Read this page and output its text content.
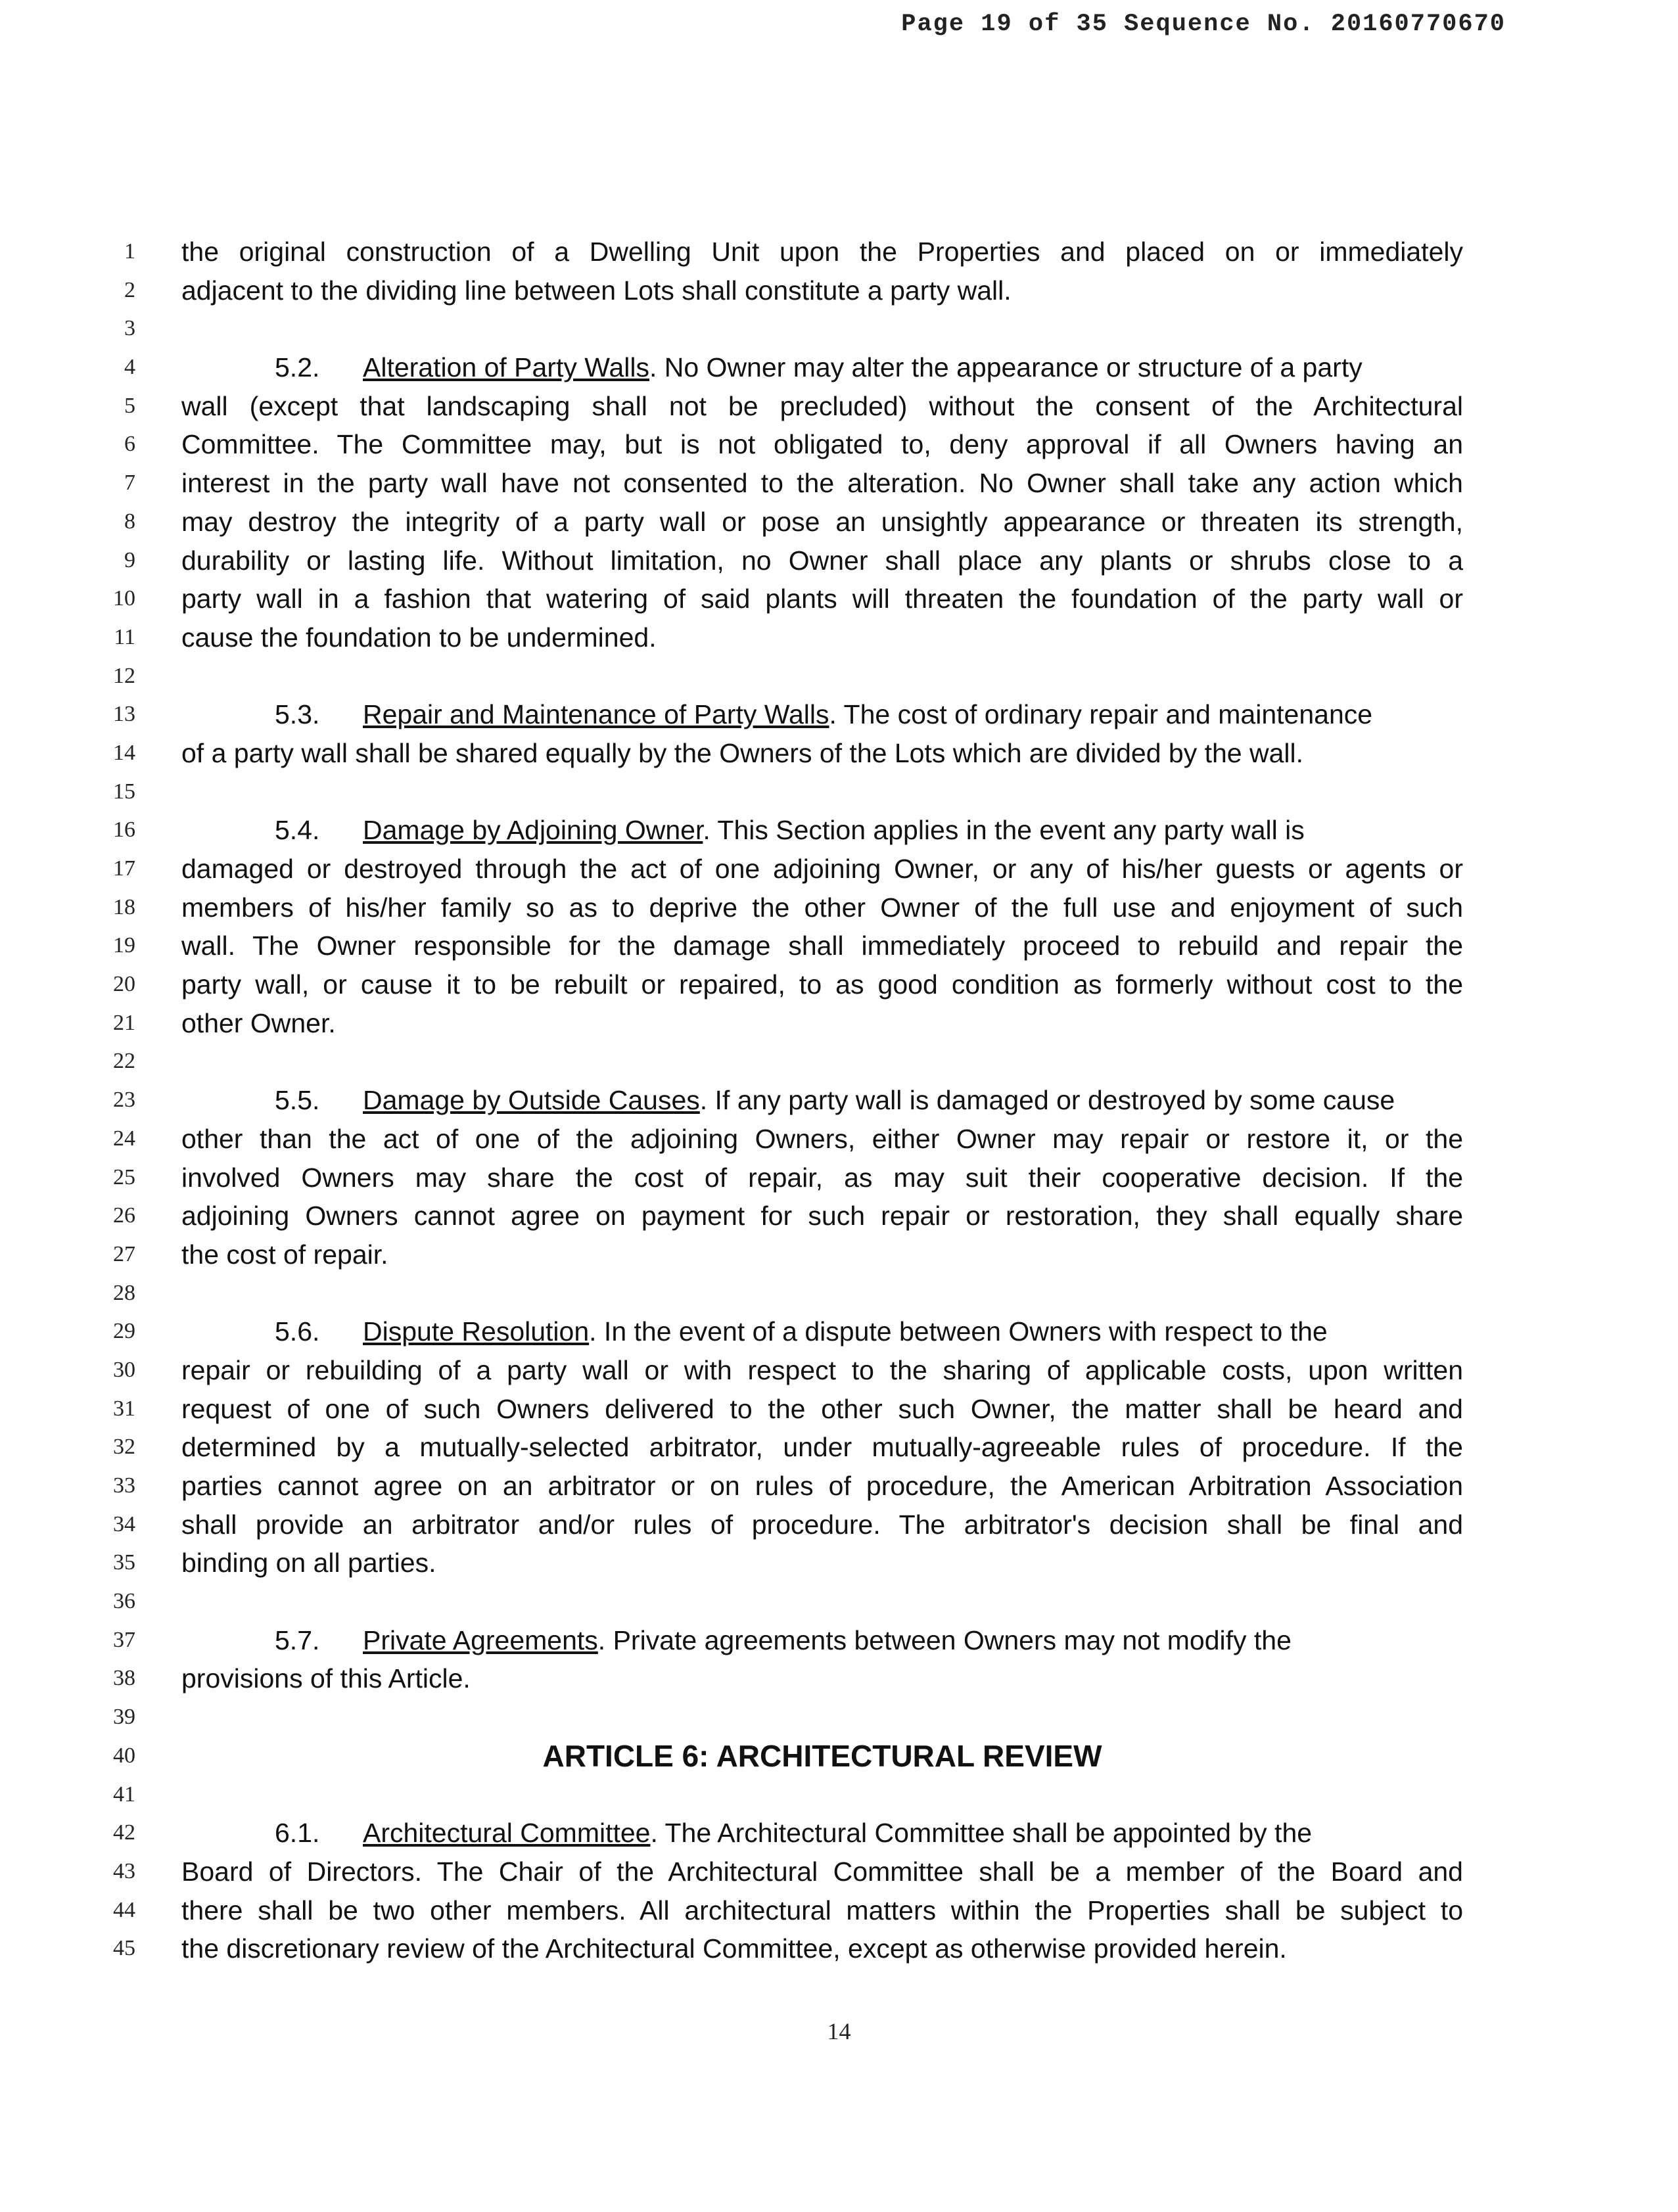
Page 19 of 35 Sequence No. 20160770670
1
2
3
4
5
6
7
8
9
10
11
12
13
14
15
16
17
18
19
20
21
22
23
24
25
26
27
28
29
30
31
32
33
34
35
36
37
38
39
40
41
42
43
44
45
the original construction of a Dwelling Unit upon the Properties and placed on or immediately
adjacent to the dividing line between Lots shall constitute a party wall.
5.2. Alteration of Party Walls. No Owner may alter the appearance or structure of a party
wall (except that landscaping shall not be precluded) without the consent of the Architectural
Committee. The Committee may, but is not obligated to, deny approval if all Owners having an
interest in the party wall have not consented to the alteration. No Owner shall take any action which
may destroy the integrity of a party wall or pose an unsightly appearance or threaten its strength,
durability or lasting life. Without limitation, no Owner shall place any plants or shrubs close to a
party wall in a fashion that watering of said plants will threaten the foundation of the party wall or
cause the foundation to be undermined.
5.3. Repair and Maintenance of Party Walls. The cost of ordinary repair and maintenance
of a party wall shall be shared equally by the Owners of the Lots which are divided by the wall.
5.4. Damage by Adjoining Owner. This Section applies in the event any party wall is
damaged or destroyed through the act of one adjoining Owner, or any of his/her guests or agents or
members of his/her family so as to deprive the other Owner of the full use and enjoyment of such
wall. The Owner responsible for the damage shall immediately proceed to rebuild and repair the
party wall, or cause it to be rebuilt or repaired, to as good condition as formerly without cost to the
other Owner.
5.5. Damage by Outside Causes. If any party wall is damaged or destroyed by some cause
other than the act of one of the adjoining Owners, either Owner may repair or restore it, or the
involved Owners may share the cost of repair, as may suit their cooperative decision. If the
adjoining Owners cannot agree on payment for such repair or restoration, they shall equally share
the cost of repair.
5.6. Dispute Resolution. In the event of a dispute between Owners with respect to the
repair or rebuilding of a party wall or with respect to the sharing of applicable costs, upon written
request of one of such Owners delivered to the other such Owner, the matter shall be heard and
determined by a mutually-selected arbitrator, under mutually-agreeable rules of procedure. If the
parties cannot agree on an arbitrator or on rules of procedure, the American Arbitration Association
shall provide an arbitrator and/or rules of procedure. The arbitrator's decision shall be final and
binding on all parties.
5.7. Private Agreements. Private agreements between Owners may not modify the
provisions of this Article.
ARTICLE 6: ARCHITECTURAL REVIEW
6.1. Architectural Committee. The Architectural Committee shall be appointed by the
Board of Directors. The Chair of the Architectural Committee shall be a member of the Board and
there shall be two other members. All architectural matters within the Properties shall be subject to
the discretionary review of the Architectural Committee, except as otherwise provided herein.
14
